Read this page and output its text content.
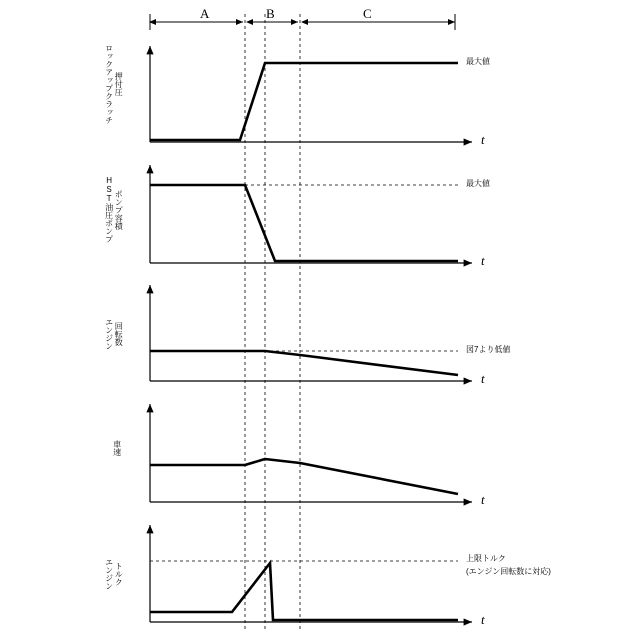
A	B	C
t
t
t
t
t
ロックアップクラッチ 押付圧
HST油圧ポンプ ポンプ容積
エンジン 回転数
車速
エンジン トルク
最大値
最大値
図7より低値
上限トルク
(エンジン回転数に対応)
